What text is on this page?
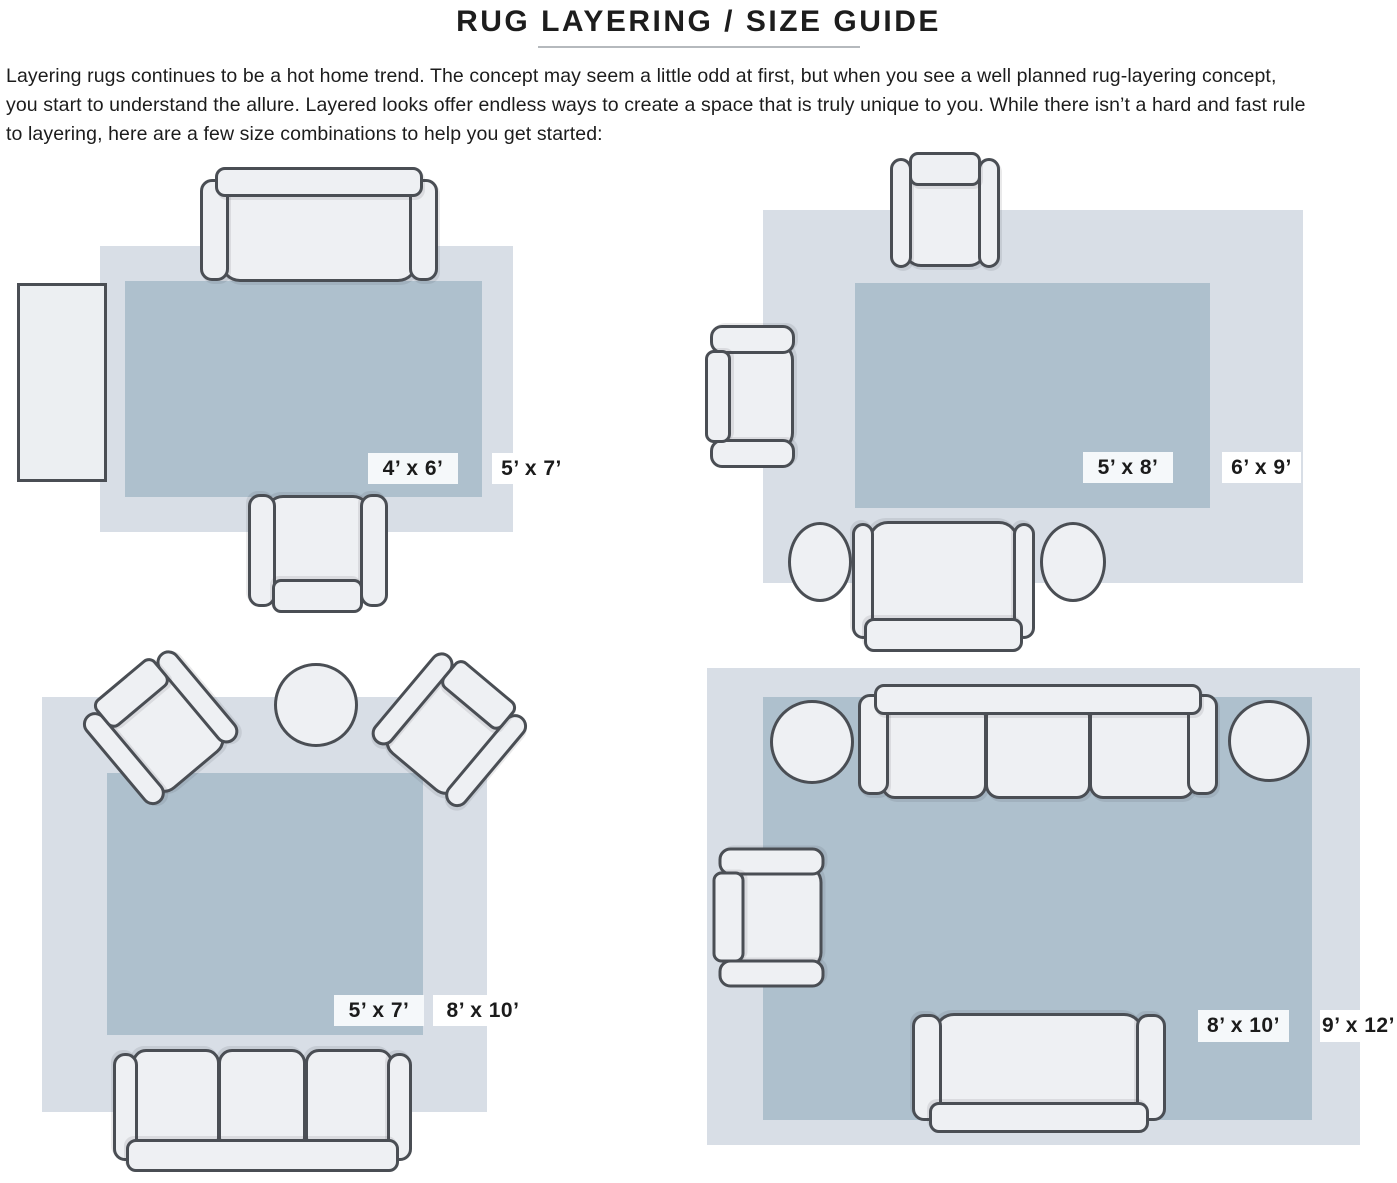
RUG LAYERING / SIZE GUIDE
Layering rugs continues to be a hot home trend. The concept may seem a little odd at first, but when you see a well planned rug-layering concept,
you start to understand the allure. Layered looks offer endless ways to create a space that is truly unique to you. While there isn’t a hard and fast rule
to layering, here are a few size combinations to help you get started:
4’ x 6’	5’ x 7’	5’ x 8’	6’ x 9’
5’ x 7’ 8’ x 10’
8’ x 10’ 9’ x 12’
